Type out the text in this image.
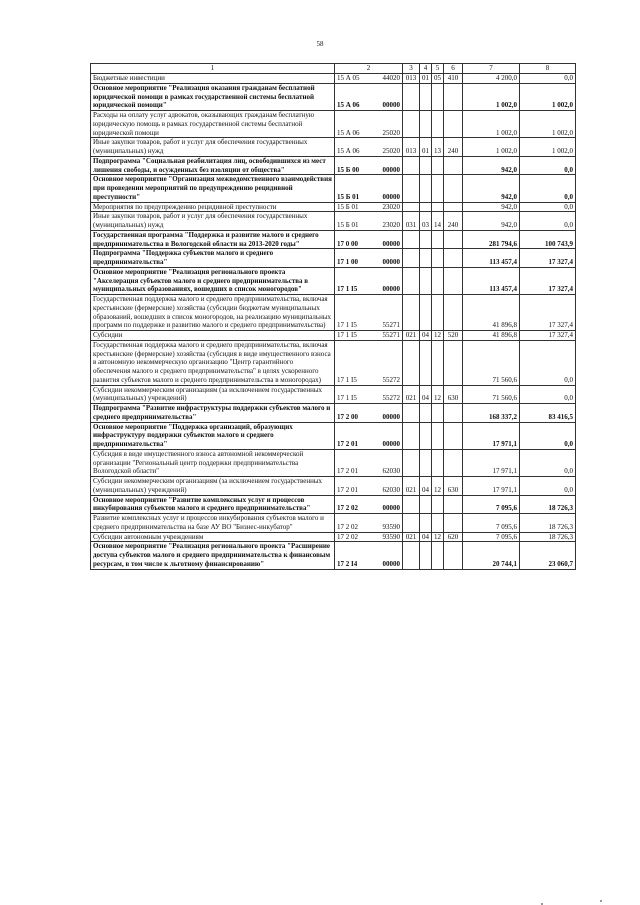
58
1	2	3	4	5	6	7	8
Бюджетные инвестиции	15 А 05 44020	013	01	05	410	4 200,0	0,0
Основное мероприятие "Реализация оказания гражданам бесплатной юридической помощи в рамках государственной системы бесплатной юридической помощи"	15 А 06 00000					1 002,0	1 002,0
Расходы на оплату услуг адвокатов, оказывающих гражданам бесплатную юридическую помощь в рамках государственной системы бесплатной юридической помощи	15 А 06 25020					1 002,0	1 002,0
Иные закупки товаров, работ и услуг для обеспечения государственных (муниципальных) нужд	15 А 06 25020	013	01	13	240	1 002,0	1 002,0
Подпрограмма "Социальная реабилитация лиц, освободившихся из мест лишения свободы, и осужденных без изоляции от общества"	15 Б 00 00000					942,0	0,0
Основное мероприятие "Организация межведомственного взаимодействия при проведении мероприятий по предупреждению рецидивной преступности"	15 Б 01 00000					942,0	0,0
Мероприятия по предупреждению рецидивной преступности	15 Б 01 23020					942,0	0,0
Иные закупки товаров, работ и услуг для обеспечения государственных (муниципальных) нужд	15 Б 01 23020	031	03	14	240	942,0	0,0
Государственная программа "Поддержка и развитие малого и среднего предпринимательства в Вологодской области на 2013-2020 годы"	17 0 00 00000					281 794,6	100 743,9
Подпрограмма "Поддержка субъектов малого и среднего предпринимательства"	17 1 00 00000					113 457,4	17 327,4
Основное мероприятие "Реализация регионального проекта "Акселерация субъектов малого и среднего предпринимательства в муниципальных образованиях, вошедших в список моногородов"	17 1 I5 00000					113 457,4	17 327,4
Государственная поддержка малого и среднего предпринимательства, включая крестьянские (фермерские) хозяйства (субсидии бюджетам муниципальных образований, вошедших в список моногородов, на реализацию муниципальных программ по поддержке и развитию малого и среднего предпринимательства)	17 1 I5 55271					41 896,8	17 327,4
Субсидии	17 1 I5 55271	021	04	12	520	41 896,8	17 327,4
Государственная поддержка малого и среднего предпринимательства, включая крестьянские (фермерские) хозяйства (субсидия в виде имущественного взноса в автономную некоммерческую организацию "Центр гарантийного обеспечения малого и среднего предпринимательства" в целях ускоренного развития субъектов малого и среднего предпринимательства в моногородах)	17 1 I5 55272					71 560,6	0,0
Субсидии некоммерческим организациям (за исключением государственных (муниципальных) учреждений)	17 1 I5 55272	021	04	12	630	71 560,6	0,0
Подпрограмма "Развитие инфраструктуры поддержки субъектов малого и среднего предпринимательства"	17 2 00 00000					168 337,2	83 416,5
Основное мероприятие "Поддержка организаций, образующих инфраструктуру поддержки субъектов малого и среднего предпринимательства"	17 2 01 00000					17 971,1	0,0
Субсидия в виде имущественного взноса автономной некоммерческой организации "Региональный центр поддержки предпринимательства Вологодской области"	17 2 01 62030					17 971,1	0,0
Субсидии некоммерческим организациям (за исключением государственных (муниципальных) учреждений)	17 2 01 62030	021	04	12	630	17 971,1	0,0
Основное мероприятие "Развитие комплексных услуг и процессов инкубирования субъектов малого и среднего предпринимательства"	17 2 02 00000					7 095,6	18 726,3
Развитие комплексных услуг и процессов инкубирования субъектов малого и среднего предпринимательства на базе АУ ВО "Бизнес-инкубатор"	17 2 02 93590					7 095,6	18 726,3
Субсидии автономным учреждениям	17 2 02 93590	021	04	12	620	7 095,6	18 726,3
Основное мероприятие "Реализация регионального проекта "Расширение доступа субъектов малого и среднего предпринимательства к финансовым ресурсам, в том числе к льготному финансированию"	17 2 I4 00000					20 744,1	23 060,7
